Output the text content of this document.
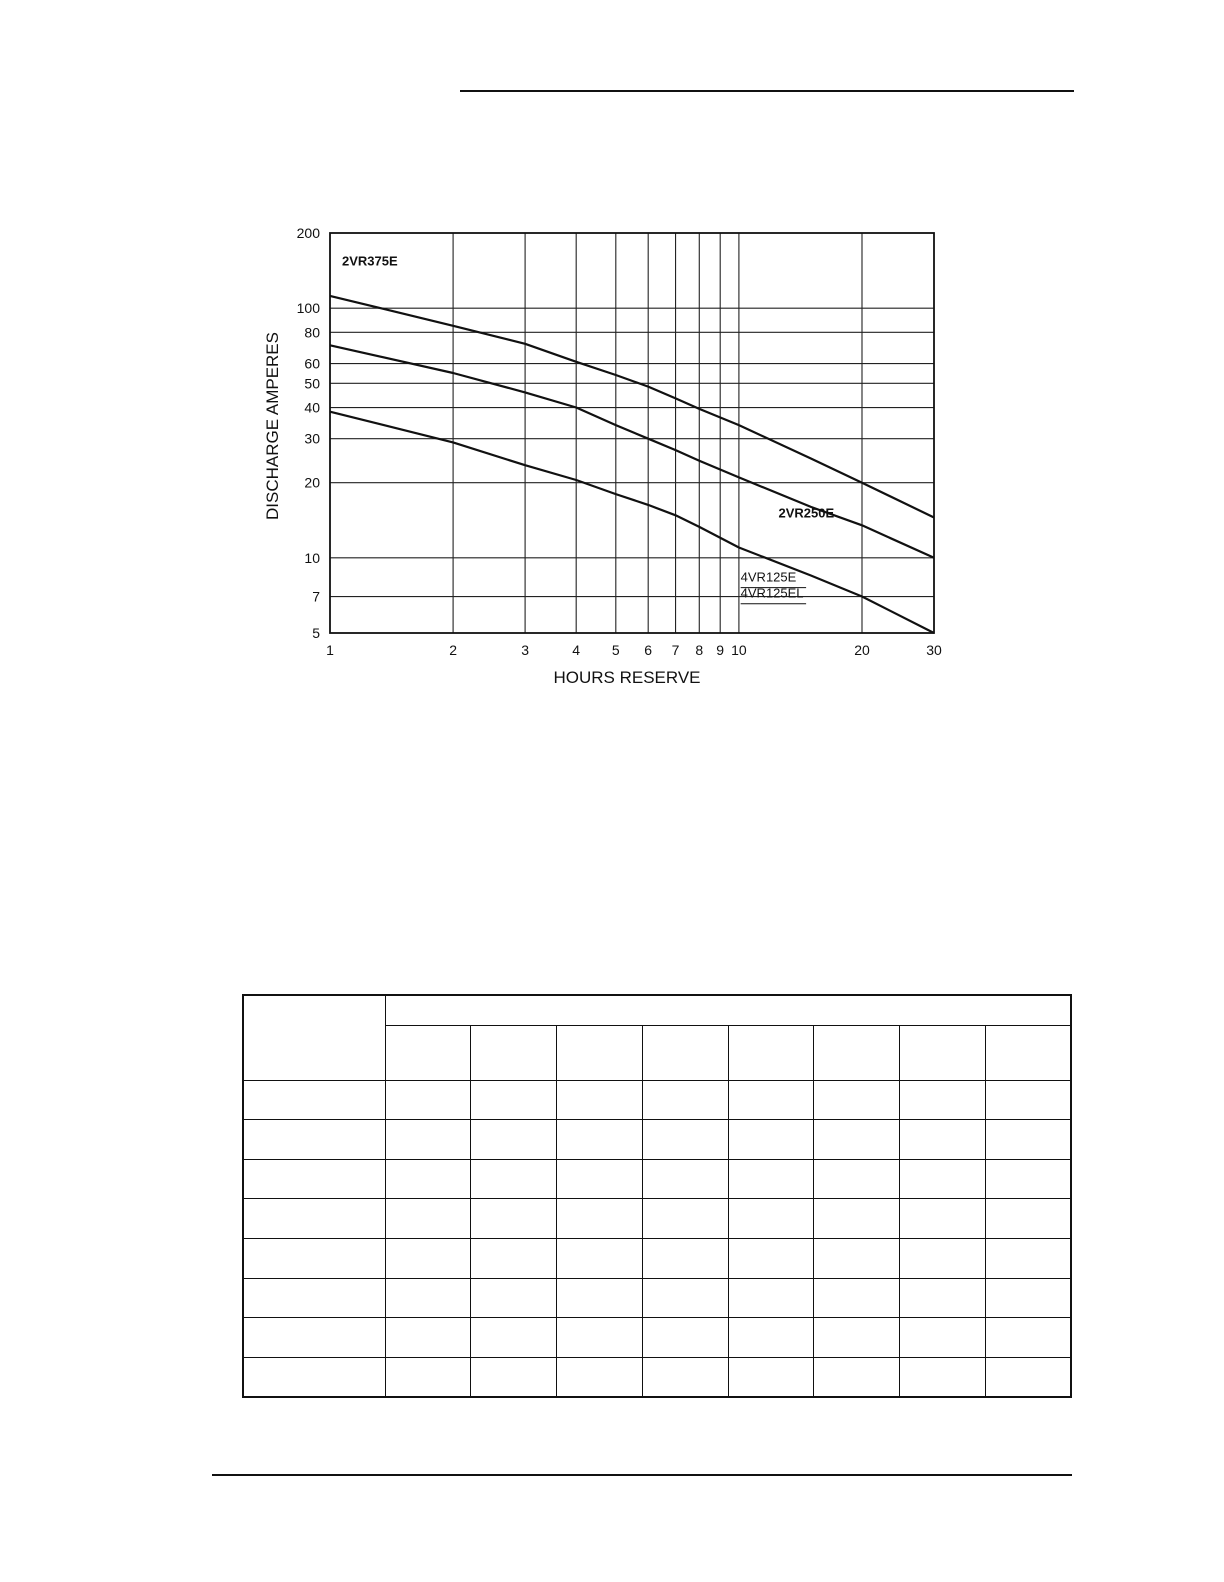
1	2	3	4 5 6 7 8 9 10	20	30
5
7
10
20
30
40
50
60
80
100
200
2VR375E
2VR250E
4VR125E
4VR125EL
HOURS RESERVE
DISCHARGE AMPERES
